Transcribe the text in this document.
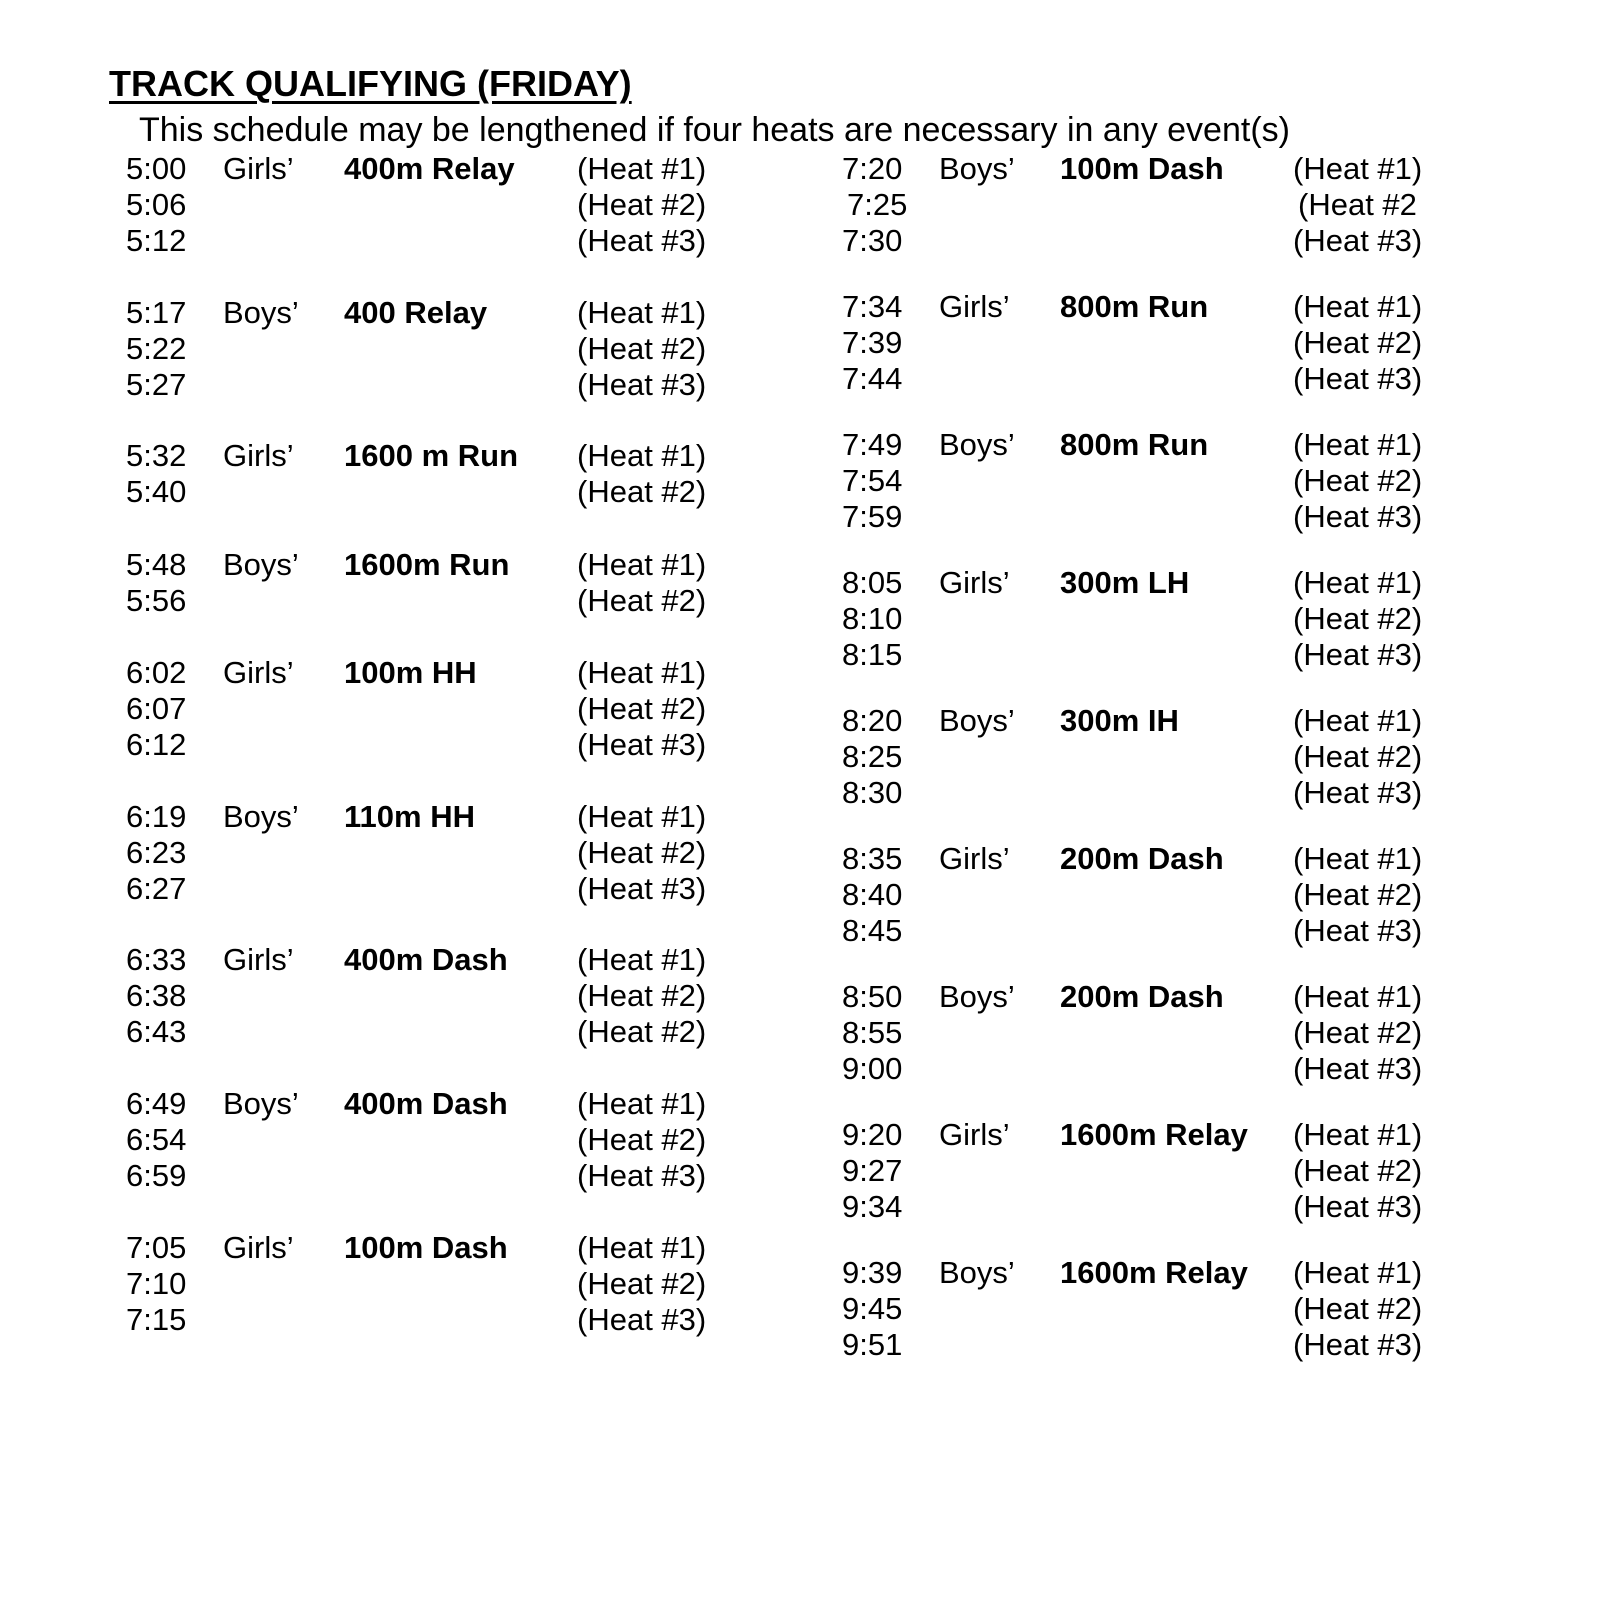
TRACK QUALIFYING (FRIDAY)
This schedule may be lengthened if four heats are necessary in any event(s)
5:00 Girls’ 400m Relay (Heat #1)
5:06	(Heat #2)
5:12	(Heat #3)
5:17 Boys’ 400 Relay	(Heat #1)
5:22	(Heat #2)
5:27	(Heat #3)
5:32 Girls’ 1600 m Run (Heat #1)
5:40	(Heat #2)
5:48 Boys’ 1600m Run (Heat #1)
5:56	(Heat #2)
6:02 Girls’ 100m HH	(Heat #1)
6:07	(Heat #2)
6:12	(Heat #3)
6:19 Boys’ 110m HH	(Heat #1)
6:23	(Heat #2)
6:27	(Heat #3)
6:33 Girls’ 400m Dash (Heat #1)
6:38	(Heat #2)
6:43	(Heat #2)
6:49 Boys’ 400m Dash (Heat #1)
6:54	(Heat #2)
6:59	(Heat #3)
7:05 Girls’ 100m Dash (Heat #1)
7:10	(Heat #2)
7:15	(Heat #3)
7:20 Boys’ 100m Dash (Heat #1)
7:25	(Heat #2
7:30	(Heat #3)
7:34 Girls’ 800m Run	(Heat #1)
7:39	(Heat #2)
7:44	(Heat #3)
7:49 Boys’ 800m Run	(Heat #1)
7:54	(Heat #2)
7:59	(Heat #3)
8:05 Girls’ 300m LH	(Heat #1)
8:10	(Heat #2)
8:15	(Heat #3)
8:20 Boys’ 300m IH	(Heat #1)
8:25	(Heat #2)
8:30	(Heat #3)
8:35 Girls’ 200m Dash (Heat #1)
8:40	(Heat #2)
8:45	(Heat #3)
8:50 Boys’ 200m Dash (Heat #1)
8:55	(Heat #2)
9:00	(Heat #3)
9:20 Girls’ 1600m Relay (Heat #1)
9:27	(Heat #2)
9:34	(Heat #3)
9:39 Boys’ 1600m Relay (Heat #1)
9:45	(Heat #2)
9:51	(Heat #3)
